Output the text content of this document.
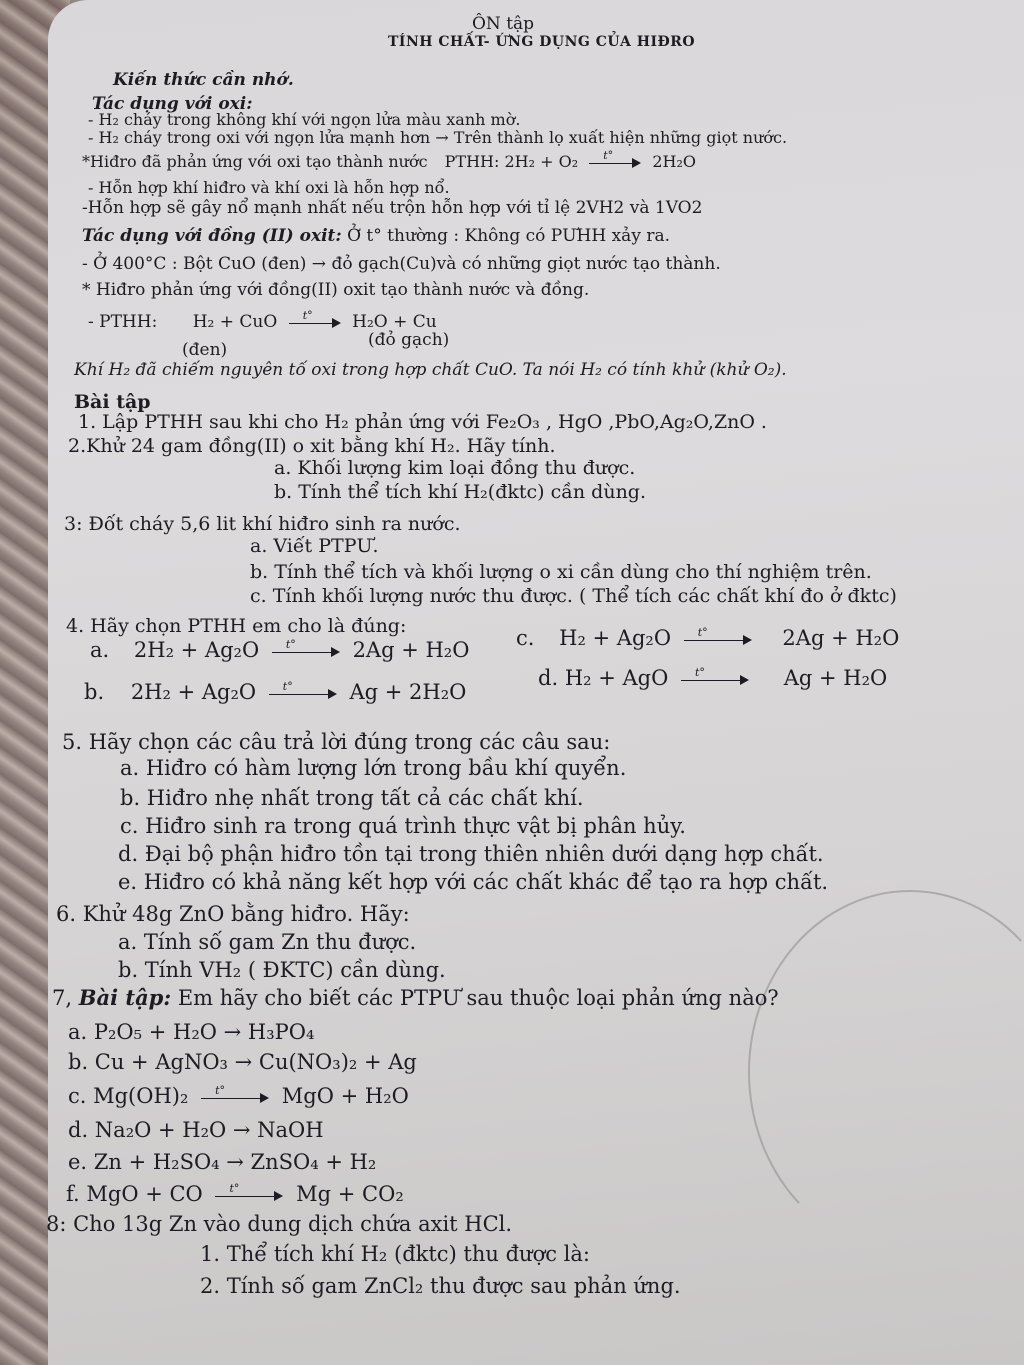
ÔN tập
TÍNH CHẤT- ỨNG DỤNG CỦA HIĐRO
Kiến thức cần nhớ.
Tác dụng với oxi:
- H₂ cháy trong không khí với ngọn lửa màu xanh mờ.
- H₂ cháy trong oxi với ngọn lửa mạnh hơn → Trên thành lọ xuất hiện những giọt nước.
*Hiđro đã phản ứng với oxi tạo thành nước PTHH: 2H₂ + O₂ t° 2H₂O
- Hỗn hợp khí hiđro và khí oxi là hỗn hợp nổ.
-Hỗn hợp sẽ gây nổ mạnh nhất nếu trộn hỗn hợp với tỉ lệ 2VH2 và 1VO2
Tác dụng với đồng (II) oxit: Ở t° thường : Không có PƯHH xảy ra.
- Ở 400°C : Bột CuO (đen) → đỏ gạch(Cu)và có những giọt nước tạo thành.
* Hiđro phản ứng với đồng(II) oxit tạo thành nước và đồng.
- PTHH: H₂ + CuO t° H₂O + Cu
(đen)	(đỏ gạch)
Khí H₂ đã chiếm nguyên tố oxi trong hợp chất CuO. Ta nói H₂ có tính khử (khử O₂).
Bài tập
1. Lập PTHH sau khi cho H₂ phản ứng với Fe₂O₃ , HgO ,PbO,Ag₂O,ZnO .
2.Khử 24 gam đồng(II) o xit bằng khí H₂. Hãy tính.
a. Khối lượng kim loại đồng thu được.
b. Tính thể tích khí H₂(đktc) cần dùng.
3: Đốt cháy 5,6 lit khí hiđro sinh ra nước.
a. Viết PTPƯ.
b. Tính thể tích và khối lượng o xi cần dùng cho thí nghiệm trên.
c. Tính khối lượng nước thu được. ( Thể tích các chất khí đo ở đktc)
4. Hãy chọn PTHH em cho là đúng:
a. 2H₂ + Ag₂O t°	2Ag + H₂O c. H₂ + Ag₂O t°	2Ag + H₂O
b. 2H₂ + Ag₂O t°	Ag + 2H₂O
d. H₂ + AgO t°	Ag + H₂O
5. Hãy chọn các câu trả lời đúng trong các câu sau:
a. Hiđro có hàm lượng lớn trong bầu khí quyển.
b. Hiđro nhẹ nhất trong tất cả các chất khí.
c. Hiđro sinh ra trong quá trình thực vật bị phân hủy.
d. Đại bộ phận hiđro tồn tại trong thiên nhiên dưới dạng hợp chất.
e. Hiđro có khả năng kết hợp với các chất khác để tạo ra hợp chất.
6. Khử 48g ZnO bằng hiđro. Hãy:
a. Tính số gam Zn thu được.
b. Tính VH₂ ( ĐKTC) cần dùng.
7, Bài tập: Em hãy cho biết các PTPƯ sau thuộc loại phản ứng nào?
a. P₂O₅ + H₂O → H₃PO₄
b. Cu + AgNO₃ → Cu(NO₃)₂ + Ag
c. Mg(OH)₂ t°	MgO + H₂O
d. Na₂O + H₂O → NaOH
e. Zn + H₂SO₄ → ZnSO₄ + H₂
f. MgO + CO t°	Mg + CO₂
8: Cho 13g Zn vào dung dịch chứa axit HCl.
1. Thể tích khí H₂ (đktc) thu được là:
2. Tính số gam ZnCl₂ thu được sau phản ứng.
